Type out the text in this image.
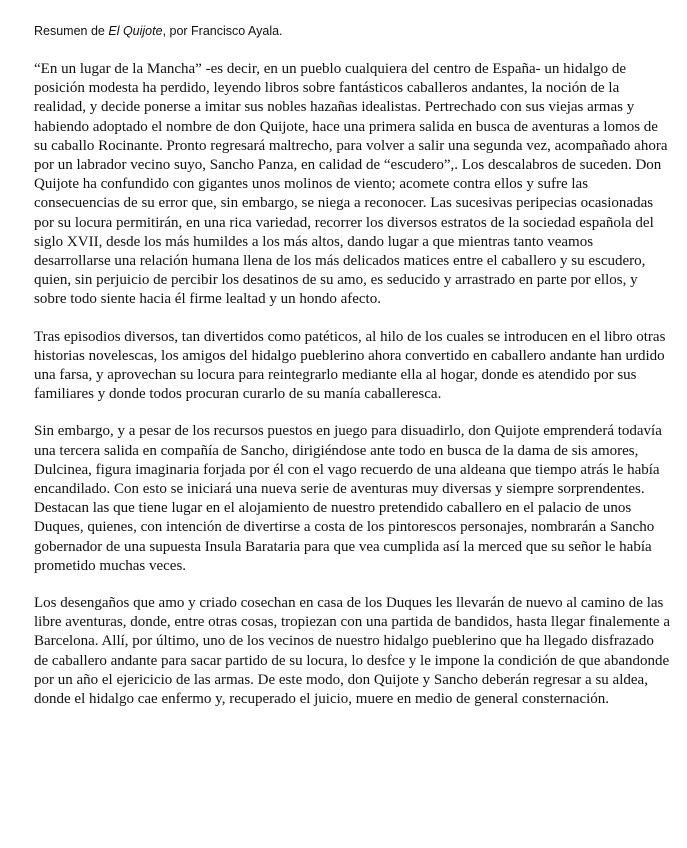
Resumen de El Quijote, por Francisco Ayala.

“En un lugar de la Mancha” -es decir, en un pueblo cualquiera del centro de España- un hidalgo de posición modesta ha perdido, leyendo libros sobre fantásticos caballeros andantes, la noción de la realidad, y decide ponerse a imitar sus nobles hazañas idealistas. Pertrechado con sus viejas armas y habiendo adoptado el nombre de don Quijote, hace una primera salida en busca de aventuras a lomos de su caballo Rocinante. Pronto regresará maltrecho, para volver a salir una segunda vez, acompañado ahora por un labrador vecino suyo, Sancho Panza, en calidad de “escudero”,. Los descalabros de suceden. Don Quijote ha confundido con gigantes unos molinos de viento; acomete contra ellos y sufre las consecuencias de su error que, sin embargo, se niega a reconocer. Las sucesivas peripecias ocasionadas por su locura permitirán, en una rica variedad, recorrer los diversos estratos de la sociedad española del siglo XVII, desde los más humildes a los más altos, dando lugar a que mientras tanto veamos desarrollarse una relación humana llena de los más delicados matices entre el caballero y su escudero, quien, sin perjuicio de percibir los desatinos de su amo, es seducido y arrastrado en parte por ellos, y sobre todo siente hacia él firme lealtad y un hondo afecto.

Tras episodios diversos, tan divertidos como patéticos, al hilo de los cuales se introducen en el libro otras historias novelescas, los amigos del hidalgo pueblerino ahora convertido en caballero andante han urdido una farsa, y aprovechan su locura para reintegrarlo mediante ella al hogar, donde es atendido por sus familiares y donde todos procuran curarlo de su manía caballeresca.

Sin embargo, y a pesar de los recursos puestos en juego para disuadirlo, don Quijote emprenderá todavía una tercera salida en compañía de Sancho, dirigiéndose ante todo en busca de la dama de sis amores, Dulcinea, figura imaginaria forjada por él con el vago recuerdo de una aldeana que tiempo atrás le había encandilado. Con esto se iniciará una nueva serie de aventuras muy diversas y siempre sorprendentes. Destacan las que tiene lugar en el alojamiento de nuestro pretendido caballero en el palacio de unos Duques, quienes, con intención de divertirse a costa de los pintorescos personajes, nombrarán a Sancho gobernador de una supuesta Insula Barataria para que vea cumplida así la merced que su señor le había prometido muchas veces.

Los desengaños que amo y criado cosechan en casa de los Duques les llevarán de nuevo al camino de las libre aventuras, donde, entre otras cosas, tropiezan con una partida de bandidos, hasta llegar finalemente a Barcelona. Allí, por último, uno de los vecinos de nuestro hidalgo pueblerino que ha llegado disfrazado de caballero andante para sacar partido de su locura, lo desfce y le impone la condición de que abandonde por un año el ejericicio de las armas. De este modo, don Quijote y Sancho deberán regresar a su aldea, donde el hidalgo cae enfermo y, recuperado el juicio, muere en medio de general consternación.
